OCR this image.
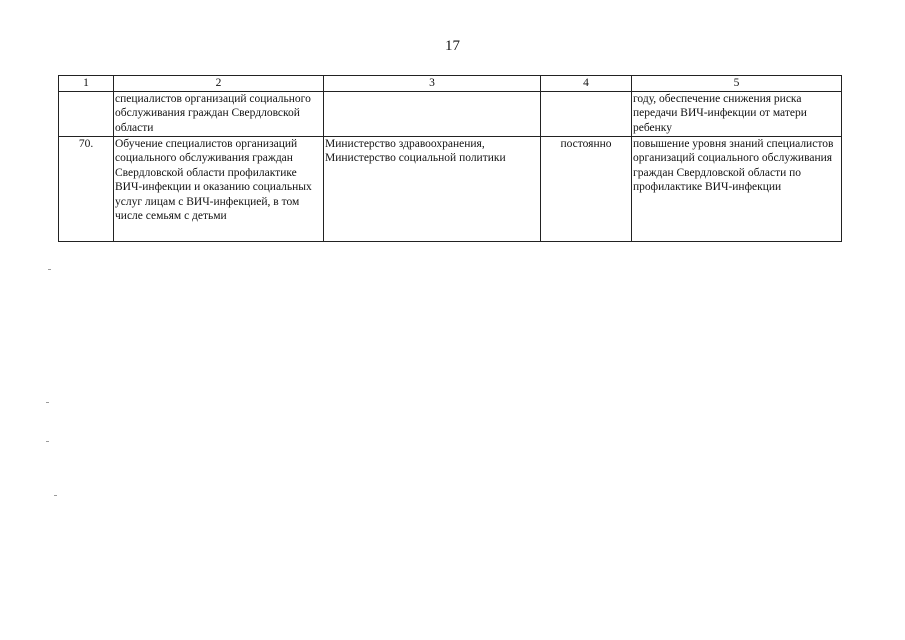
17
1	2	3	4	5
	специалистов организаций социального обслуживания граждан Свердловской области			году, обеспечение снижения риска передачи ВИЧ-инфекции от матери ребенку
70.	Обучение специалистов организаций социального обслуживания граждан Свердловской области профилактике ВИЧ-инфекции и оказанию социальных услуг лицам с ВИЧ-инфекцией, в том числе семьям с детьми	Министерство здравоохранения, Министерство социальной политики	постоянно	повышение уровня знаний специалистов организаций социального обслуживания граждан Свердловской области по профилактике ВИЧ-инфекции
